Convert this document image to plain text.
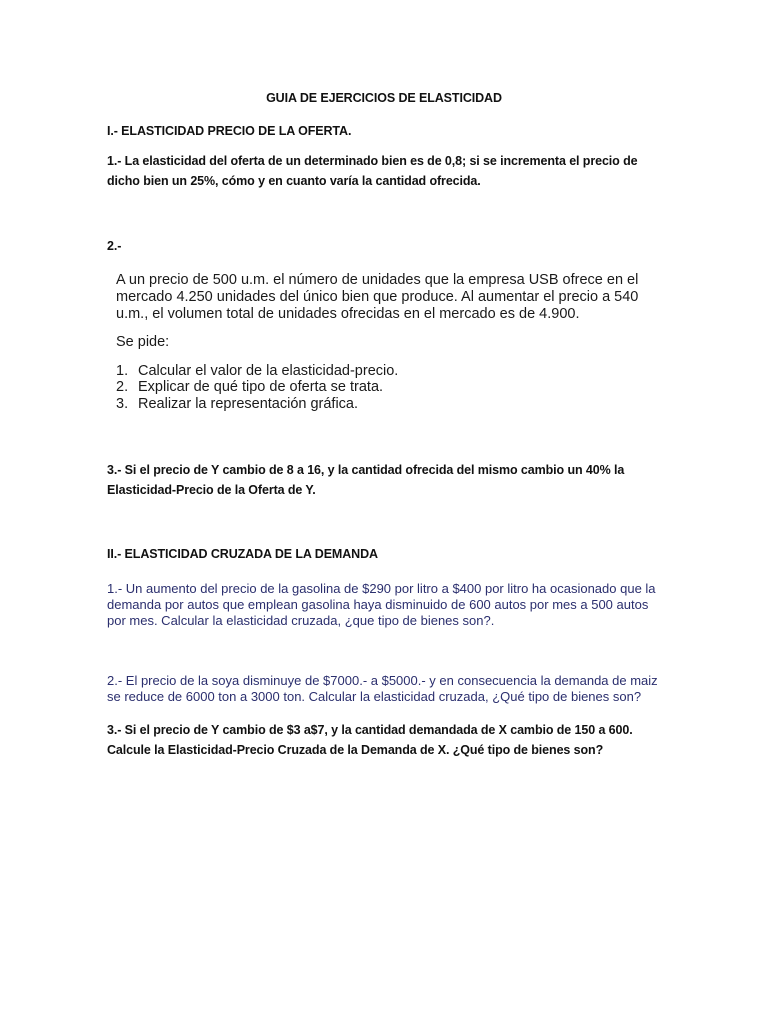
GUIA DE EJERCICIOS DE ELASTICIDAD
I.- ELASTICIDAD PRECIO DE LA OFERTA.
1.- La elasticidad del oferta de un determinado bien es de 0,8; si se incrementa el precio de dicho bien un 25%, cómo y en cuanto varía la cantidad ofrecida.
2.-
A un precio de 500 u.m. el número de unidades que la empresa USB ofrece en el mercado 4.250 unidades del único bien que produce. Al aumentar el precio a 540 u.m., el volumen total de unidades ofrecidas en el mercado es de 4.900.
Se pide:
1. Calcular el valor de la elasticidad-precio.
2. Explicar de qué tipo de oferta se trata.
3. Realizar la representación gráfica.
3.- Si el precio de Y cambio de 8 a 16, y la cantidad ofrecida del mismo cambio un 40% la Elasticidad-Precio de la Oferta de Y.
II.- ELASTICIDAD CRUZADA DE LA DEMANDA
1.- Un aumento del precio de la gasolina de $290 por litro a $400 por litro ha ocasionado que la demanda por autos que emplean gasolina haya disminuido de 600 autos por mes a 500 autos por mes. Calcular la elasticidad cruzada, ¿que tipo de bienes son?.
2.- El precio de la soya disminuye de $7000.- a $5000.- y en consecuencia la demanda de maiz se reduce de 6000 ton a 3000 ton. Calcular la elasticidad cruzada, ¿Qué tipo de bienes son?
3.- Si el precio de Y cambio de $3 a$7, y la cantidad demandada de X cambio de 150 a 600. Calcule la Elasticidad-Precio Cruzada de la Demanda de X. ¿Qué tipo de bienes son?
